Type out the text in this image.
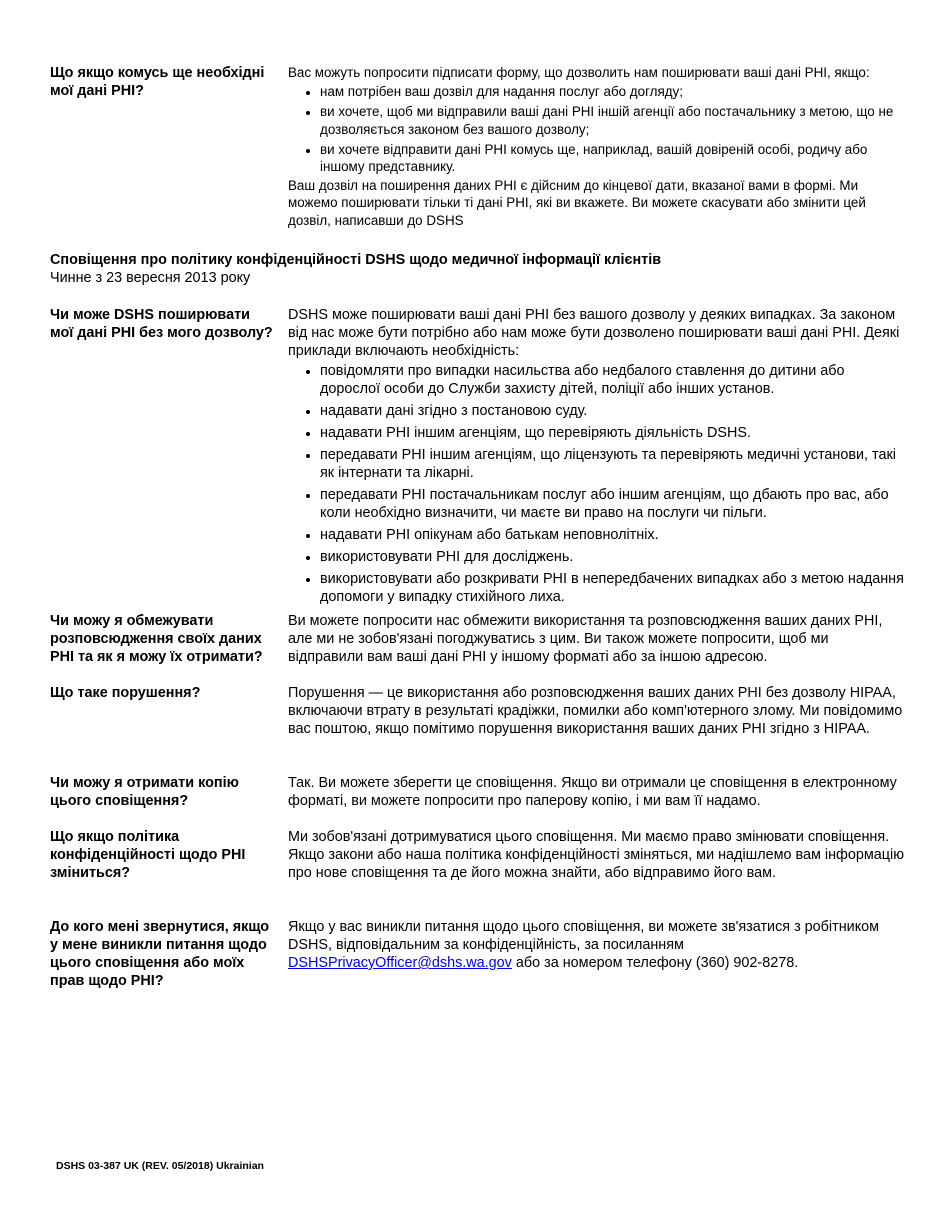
Що якщо комусь ще необхідні мої дані PHI?

Вас можуть попросити підписати форму, що дозволить нам поширювати ваші дані PHI, якщо:

• нам потрібен ваш дозвіл для надання послуг або догляду;
• ви хочете, щоб ми відправили ваші дані PHI іншій агенції або постачальнику з метою, що не дозволяється законом без вашого дозволу;
• ви хочете відправити дані PHI комусь ще, наприклад, вашій довіреній особі, родичу або іншому представнику.

Ваш дозвіл на поширення даних PHI є дійсним до кінцевої дати, вказаної вами в формі. Ми можемо поширювати тільки ті дані PHI, які ви вкажете. Ви можете скасувати або змінити цей дозвіл, написавши до DSHS

Сповіщення про політику конфіденційності DSHS щодо медичної інформації клієнтів
Чинне з 23 вересня 2013 року
Чи може DSHS поширювати мої дані PHI без мого дозволу?

DSHS може поширювати ваші дані PHI без вашого дозволу у деяких випадках. За законом від нас може бути потрібно або нам може бути дозволено поширювати ваші дані PHI. Деякі приклади включають необхідність:

• повідомляти про випадки насильства або недбалого ставлення до дитини або дорослої особи до Служби захисту дітей, поліції або інших установ.
• надавати дані згідно з постановою суду.
• надавати PHI іншим агенціям, що перевіряють діяльність DSHS.
• передавати PHI іншим агенціям, що ліцензують та перевіряють медичні установи, такі як інтернати та лікарні.
• передавати PHI постачальникам послуг або іншим агенціям, що дбають про вас, або коли необхідно визначити, чи маєте ви право на послуги чи пільги.
• надавати PHI опікунам або батькам неповнолітніх.
• використовувати PHI для досліджень.
• використовувати або розкривати PHI в непередбачених випадках або з метою надання допомоги у випадку стихійного лиха.
Чи можу я обмежувати розповсюдження своїх даних PHI та як я можу їх отримати?
Ви можете попросити нас обмежити використання та розповсюдження ваших даних PHI, але ми не зобов'язані погоджуватись з цим. Ви також можете попросити, щоб ми відправили вам ваші дані PHI у іншому форматі або за іншою адресою.
Що таке порушення?	Порушення — це використання або розповсюдження ваших даних PHI без дозволу HIPAA, включаючи втрату в результаті крадіжки, помилки або комп'ютерного злому. Ми повідомимо вас поштою, якщо помітимо порушення використання ваших даних PHI згідно з HIPAA.
Чи можу я отримати копію цього сповіщення?
Так. Ви можете зберегти це сповіщення. Якщо ви отримали це сповіщення в електронному форматі, ви можете попросити про паперову копію, і ми вам її надамо.
Що якщо політика конфіденційності щодо PHI зміниться?
Ми зобов'язані дотримуватися цього сповіщення. Ми маємо право змінювати сповіщення. Якщо закони або наша політика конфіденційності зміняться, ми надішлемо вам інформацію про нове сповіщення та де його можна знайти, або відправимо його вам.
До кого мені звернутися, якщо у мене виникли питання щодо цього сповіщення або моїх прав щодо PHI?
Якщо у вас виникли питання щодо цього сповіщення, ви можете зв'язатися з робітником DSHS, відповідальним за конфіденційність, за посиланням
DSHSPrivacyOfficer@dshs.wa.gov або за номером телефону (360) 902-8278.
DSHS 03-387 UK (REV. 05/2018) Ukrainian
